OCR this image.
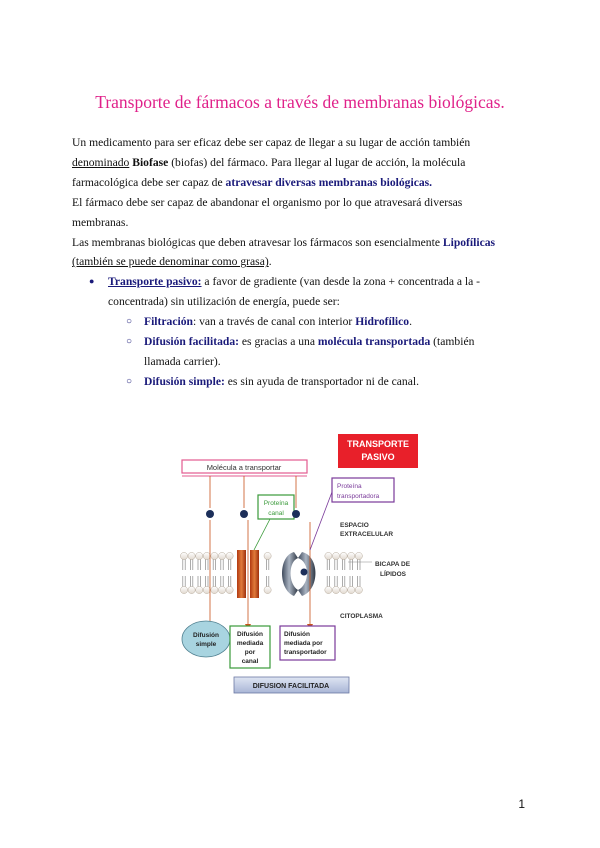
Transporte de fármacos a través de membranas biológicas.

Un medicamento para ser eficaz debe ser capaz de llegar a su lugar de acción también denominado Biofase (biofas) del fármaco. Para llegar al lugar de acción, la molécula farmacológica debe ser capaz de atravesar diversas membranas biológicas.

El fármaco debe ser capaz de abandonar el organismo por lo que atravesará diversas membranas.

Las membranas biológicas que deben atravesar los fármacos son esencialmente Lipofílicas
(también se puede denominar como grasa).

● Transporte pasivo: a favor de gradiente (van desde la zona + concentrada a la - concentrada) sin utilización de energía, puede ser:
○ Filtración: van a través de canal con interior Hidrofílico.
○ Difusión facilitada: es gracias a una molécula transportada (también llamada carrier).
○ Difusión simple: es sin ayuda de transportador ni de canal.
TRANSPORTE
PASIVO
Molécula a transportar
Proteína
canal
Proteína
transportadora
ESPACIO
EXTRACELULAR
BICAPA DE
LÍPIDOS
CITOPLASMA
Difusión
simple
Difusión
mediada
por
canal
Difusión
mediada por
transportador
DIFUSION FACILITADA
1
